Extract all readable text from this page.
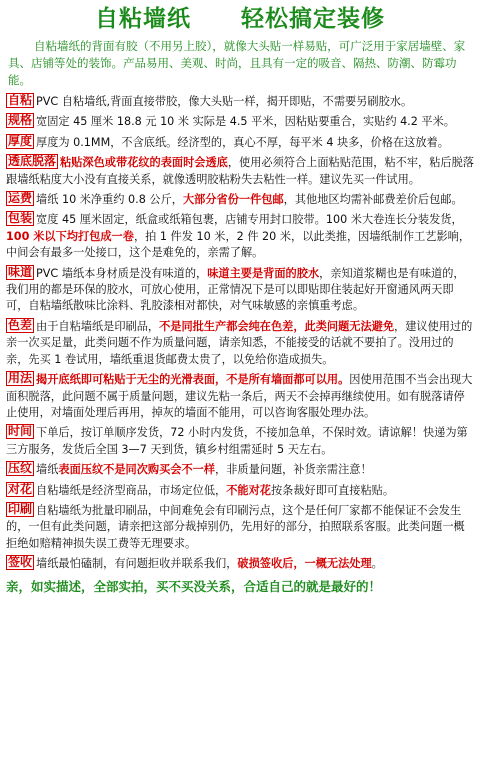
自粘墙纸 轻松搞定装修
自粘墙纸的背面有胶（不用另上胶），就像大头贴一样易贴，可广泛用于家居墙壁、家具、店铺等处的装饰。产品易用、美观、时尚，且具有一定的吸音、隔热、防潮、防霉功能。
自粘 PVC 自粘墙纸,背面直接带胶，像大头贴一样，揭开即贴，不需要另刷胶水。
规格 宽固定 45 厘米 18.8 元 10 米 实际是 4.5 平米，因粘贴要重合，实贴约 4.2 平米。
厚度 厚度为 0.1MM，不含底纸。经济型的，真心不厚，每平米 4 块多，价格在这放着。
透底脱落 粘贴深色或带花纹的表面时会透底，使用必须符合上面粘贴范围，粘不牢，粘后脱落跟墙纸粘度大小没有直接关系，就像透明胶粘粉失去粘性一样。建议先买一件试用。
运费 墙纸 10 米净重约 0.8 公斤，大部分省份一件包邮，其他地区均需补邮费差价后包邮。
包装 宽度 45 厘米固定，纸盒或纸箱包裹，店铺专用封口胶带。100 米大卷连长分装发货，100 米以下均打包成一卷，拍 1 件发 10 米，2 件 20 米，以此类推，因墙纸制作工艺影响，中间会有最多一处接口，这个是难免的，亲需了解。
味道 PVC 墙纸本身材质是没有味道的，味道主要是背面的胶水，亲知道浆糊也是有味道的，我们用的都是环保的胶水，可放心使用，正常情况下是可以即贴即住装起好开窗通风两天即可，自粘墙纸散味比涂料、乳胶漆相对都快，对气味敏感的亲慎重考虑。
色差 由于自粘墙纸是印刷品，不是同批生产都会纯在色差，此类问题无法避免，建议使用过的亲一次买足量，此类问题不作为质量问题，请亲知悉，不能接受的话就不要拍了。没用过的亲，先买 1 卷试用，墙纸重退货邮费太贵了，以免给你造成损失。
用法 揭开底纸即可粘贴于无尘的光滑表面，不是所有墙面都可以用。因使用范围不当会出现大面积脱落，此问题不属于质量问题，建议先粘一条后，两天不会掉再继续使用。如有脱落请停止使用，对墙面处理后再用，掉灰的墙面不能用，可以咨询客服处理办法。
时间 下单后，按订单顺序发货，72 小时内发货，不接加急单，不保时效。请谅解！快递为第三方服务，发货后全国 3—7 天到货，镇乡村组需延时 5 天左右。
压纹 墙纸表面压纹不是同次购买会不一样，非质量问题，补货亲需注意！
对花 自粘墙纸是经济型商品，市场定位低，不能对花按条裁好即可直接粘贴。
印刷 自粘墙纸为批量印刷品，中间难免会有印刷污点，这个是任何厂家都不能保证不会发生的，一但有此类问题，请亲把这部分裁掉别仍，先用好的部分，拍照联系客服。此类问题一概拒绝如赔精神损失误工费等无理要求。
签收 墙纸最怕磕制，有问题拒收并联系我们，破损签收后，一概无法处理。
亲，如实描述，全部实拍，买不买没关系，合适自己的就是最好的！
